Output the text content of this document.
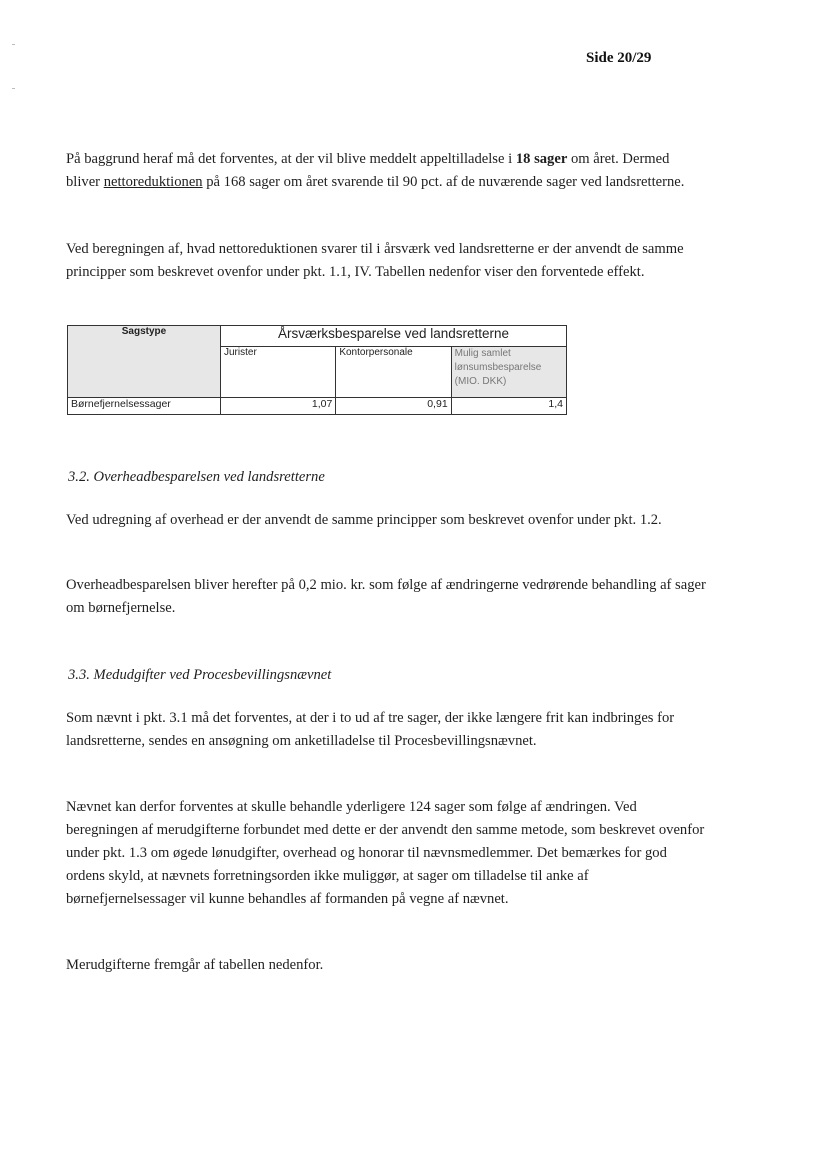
Side 20/29

På baggrund heraf må det forventes, at der vil blive meddelt appeltilladelse i 18 sager om året. Dermed bliver nettoreduktionen på 168 sager om året svarende til 90 pct. af de nuværende sager ved landsretterne.

Ved beregningen af, hvad nettoreduktionen svarer til i årsværk ved landsretterne er der anvendt de samme principper som beskrevet ovenfor under pkt. 1.1, IV. Tabellen nedenfor viser den forventede effekt.

Sagstype	Årsværksbesparelse ved landsretterne		
	Jurister	Kontorpersonale	Mulig samlet lønsumsbesparelse (MIO. DKK)
Børnefjernelsessager	1,07	0,91	1,4
3.2. Overheadbesparelsen ved landsretterne

Ved udregning af overhead er der anvendt de samme principper som beskrevet ovenfor under pkt. 1.2.

Overheadbesparelsen bliver herefter på 0,2 mio. kr. som følge af ændringerne vedrørende behandling af sager om børnefjernelse.

3.3. Medudgifter ved Procesbevillingsnævnet

Som nævnt i pkt. 3.1 må det forventes, at der i to ud af tre sager, der ikke længere frit kan indbringes for landsretterne, sendes en ansøgning om anketilladelse til Procesbevillingsnævnet.

Nævnet kan derfor forventes at skulle behandle yderligere 124 sager som følge af ændringen. Ved beregningen af merudgifterne forbundet med dette er der anvendt den samme metode, som beskrevet ovenfor under pkt. 1.3 om øgede lønudgifter, overhead og honorar til nævnsmedlemmer. Det bemærkes for god ordens skyld, at nævnets forretningsorden ikke muliggør, at sager om tilladelse til anke af børnefjernelsessager vil kunne behandles af formanden på vegne af nævnet.

Merudgifterne fremgår af tabellen nedenfor.
